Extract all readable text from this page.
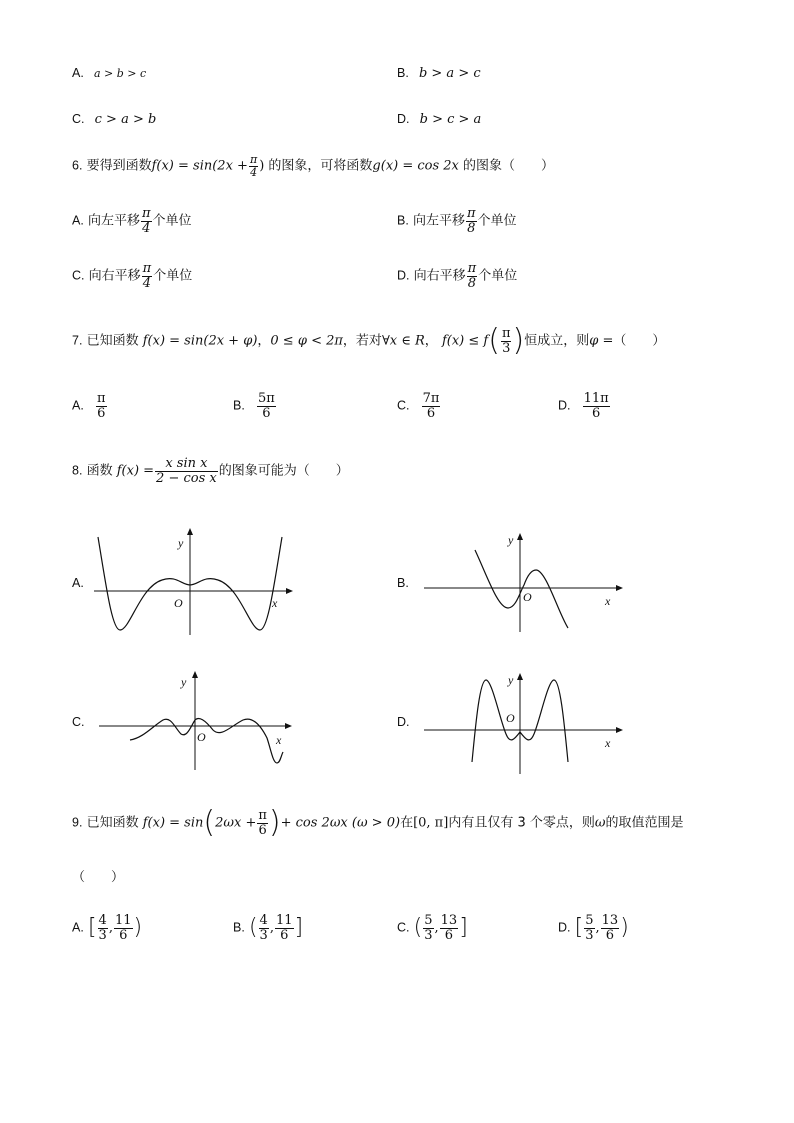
A. a > b > c	B. b > a > c
C. c > a > b	D. b > c > a
6. 要得到函数$f(x) = \sin(2x + \frac{\pi}{4}$ ) 的图象，可将函数g(x) = cos 2x 的图象（　　）
A. 向左平移 $\frac{\pi}{4}$ 个单位	B. 向左平移 $\frac{\pi}{8}$ 个单位
C. 向右平移 $\frac{\pi}{4}$ 个单位	D. 向右平移 $\frac{\pi}{8}$ 个单位
7. 已知函数 f(x) = sin(2x + φ)，0 ≤ φ < 2π，若对∀x ∈ R， $f(x) \le f( \frac{\pi}{3}$ )恒成立，则φ =（　　）
A. $\frac{\pi}{6}$	B. $\frac{5\pi}{6}$	C. $\frac{7\pi}{6}$	D. $\frac{11\pi}{6}$
8. 函数 $f(x) = \frac{\text{x sin x}}{\text{2 − cos x}}$ 的图象可能为（　　）
A.
y
O	x
B.
y
O	x
C.
y
O	x
D.
y
O
x
9. 已知函数 $f(x) = \sin(2\omega x + \frac{\pi}{6}$ )+ cos 2ωx (ω > 0)在[0, π]内有且仅有 3 个零点，则ω的取值范围是
（　　）
A. [ $\frac{4}{3}$ , $\frac{11}{6}$ )	B. ( $\frac{4}{3}$ , $\frac{11}{6}$ ]	C. ( $\frac{5}{3}$ , $\frac{13}{6}$ ]	D. [ $\frac{5}{3}$ , $\frac{13}{6}$ )
